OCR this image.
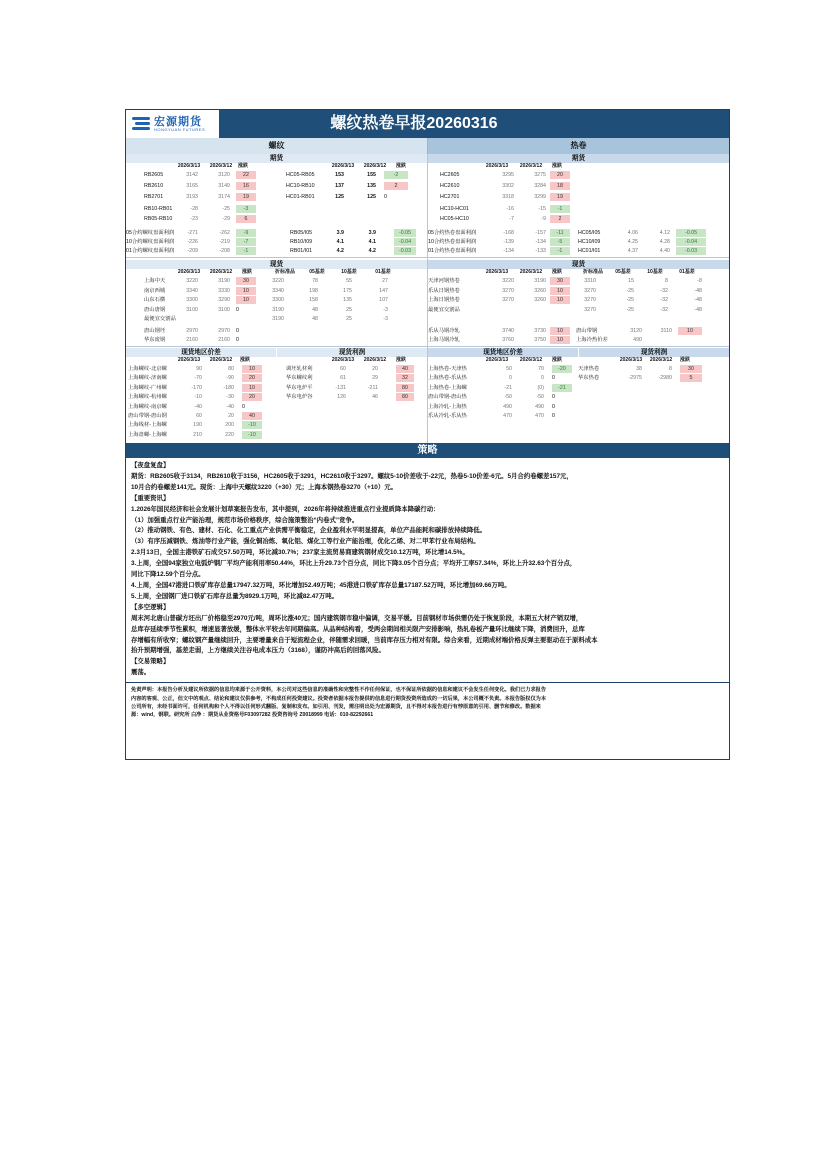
宏源期货
HONGYUAN FUTURES	螺纹热卷早报20260316
螺纹	热卷
期货	期货
2026/3/13	2026/3/12	涨跌	2026/3/13	2026/3/12	涨跌	2026/3/13	2026/3/12	涨跌
RB2605	3142	3120	22
RB2610	3165	3149	16
RB2701	3193	3174	19
HC05-RB05	153	155	-2
HC10-RB10	137	135	2
HC01-RB01	125	125 0
RB10-RB01	-28	-25	-3
RB05-RB10	-23	-29	6
05合约螺纹盘面利润	-271	-262	-9
10合约螺纹盘面利润	-226	-219	-7
01合约螺纹盘面利润	-209	-208	-1
RB05/I05	3.9	3.9	-0.05
RB10/I09	4.1	4.1	-0.04
RB01/I01	4.2	4.2	-0.03
HC2605	3295	3275	20
HC2610	3302	3284	18
HC2701	3318	3299	19
HC10-HC01	-16	-15	-1
HC05-HC10	-7	-9	2
05合约热卷盘面利润	-168	-157	-11
10合约热卷盘面利润	-139	-134	-5
01合约热卷盘面利润	-134	-133	-1
HC05/I05	4.06	4.12	-0.05
HC10/I09	4.25	4.28	-0.04
HC01/I01	4.37	4.40	-0.03
现货	现货
2026/3/13	2026/3/12	涨跌	折标准品	05基差	10基差	01基差	2026/3/13	2026/3/12	涨跌	折标准品	05基差	10基差	01基差
上海中天	3220	3190	30	3220	78	55	27
南京西城	3340	3330	10	3340	198	175	147
山东石横	3300	3290	10	3300	158	135	107
唐山唐钢	3100	3100 0	3190	48	25	-3
最便宜交割品	3190	48	25	-3
唐山钢坯	2970	2970 0
华东废钢	2160	2160 0
天津河钢热卷	3220	3190	30	3310	15	8	-8
乐从日钢热卷	3270	3260	10	3270	-25	-32	-48
上海日钢热卷	3270	3260	10	3270	-25	-32	-48
最便宜交割品	3270	-25	-32	-48
乐从马钢冷轧	3740	3730	10
上海马钢冷轧	3760	3750	10
唐山带钢	3120	3110	10
上海冷热价差	490
现货地区价差	现货利润	现货地区价差	现货利润
2026/3/13	2026/3/12	涨跌	2026/3/13	2026/3/12	涨跌	2026/3/13	2026/3/12	涨跌	2026/3/13	2026/3/12	涨跌
上海螺纹-北京螺	90	80	10
上海螺纹-济南螺	-70	-90	20
上海螺纹-广州螺	-170	-180	10
上海螺纹-杭州螺	-10	-30	20
上海螺纹-南京螺	-40	-40 0
唐山带钢-唐山钢	60	20	40
上海线材-上海螺	190	200	-10
上海盘螺-上海螺	210	220	-10
调坯轧材利	60	20	40
华东螺纹利	61	29	32
华东电炉平	-131	-211	80
华东电炉谷	126	46	80
上海热卷-天津热	50	70	-20
上海热卷-乐从热	0	0 0
上海热卷-上海螺	-21	(0)	-21
唐山带钢-唐山热	-50	-50 0
上海冷轧-上海热	490	490 0
乐从冷轧-乐从热	470	470 0
天津热卷	38	8	30
华东热卷	-2975	-2980	5
策略
【夜盘复盘】
期货：RB2605收于3134，RB2610收于3156，HC2605收于3291，HC2610收于3297。螺纹5-10价差收于-22元，热卷5-10价差-6元。5月合约卷螺差157元，
10月合约卷螺差141元。现货：上海中天螺纹3220（+30）元；上海本钢热卷3270（+10）元。
【重要资讯】
1.2026年国民经济和社会发展计划草案报告发布，其中提到，2026年将持续推进重点行业提质降本降碳行动：
（1）加强重点行业产能治理，规范市场价格秩序，综合施策整治“内卷式”竞争。
（2）推动钢铁、有色、建材、石化、化工重点产业供需平衡稳定，企业盈利水平明显提高，单位产品能耗和碳排放持续降低。
（3）有序压减钢铁、炼油等行业产能，强化铜冶炼、氧化铝、煤化工等行业产能治理，优化乙烯、对二甲苯行业布局结构。
2.3月13日，全国主港铁矿石成交57.50万吨，环比减30.7%；237家主流贸易商建筑钢材成交10.12万吨，环比增14.5%。
3.上周，全国94家独立电弧炉钢厂平均产能利用率50.44%，环比上升29.73个百分点，同比下降3.05个百分点；平均开工率57.34%，环比上升32.63个百分点，
同比下降12.59个百分点。
4.上周，全国47港进口铁矿库存总量17947.32万吨，环比增加52.49万吨；45港进口铁矿库存总量17187.52万吨，环比增加69.66万吨。
5.上周，全国钢厂进口铁矿石库存总量为8929.1万吨，环比减82.47万吨。
【多空逻辑】
周末河北唐山普碳方坯出厂价格稳至2970元/吨，周环比涨40元；国内建筑钢市稳中偏调，交易平缓。目前钢材市场供需仍处于恢复阶段，本期五大材产销双增，
总库存延续季节性累积，增速显著放缓，整体水平较去年同期偏高。从品种结构看，受两会期间相关限产安排影响，热轧卷板产量环比继续下降，消费回升，总库
存增幅有所收窄；螺纹钢产量继续回升，主要增量来自于短流程企业，伴随需求回暖，当前库存压力相对有限。综合来看，近期成材端价格反弹主要驱动在于原料成本
抬升预期增强，基差走弱，上方继续关注谷电成本压力（3168），谨防冲高后的回落风险。
【交易策略】
震荡。
免责声明：本报告分析及建议所依据的信息均来源于公开资料，本公司对这些信息的准确性和完整性不作任何保证，也不保证所依据的信息和建议不会发生任何变化。我们已力求报告
内容的客观、公正，但文中的观点、结论和建议仅供参考，不构成任何投资建议。投资者依据本报告提供的信息进行期货投资所造成的一切后果，本公司概不负责。本报告版权仅为本
公司所有，未经书面许可，任何机构和个人不得以任何形式翻版、复制和发布。如引用、刊发，需注明出处为宏源期货，且不得对本报告进行有悖原意的引用、删节和修改。数据来
源：wind，钢联。研究所 白净 ：期货从业资格号F03097282 投资咨询号 Z0018999 电话：010-82292661
